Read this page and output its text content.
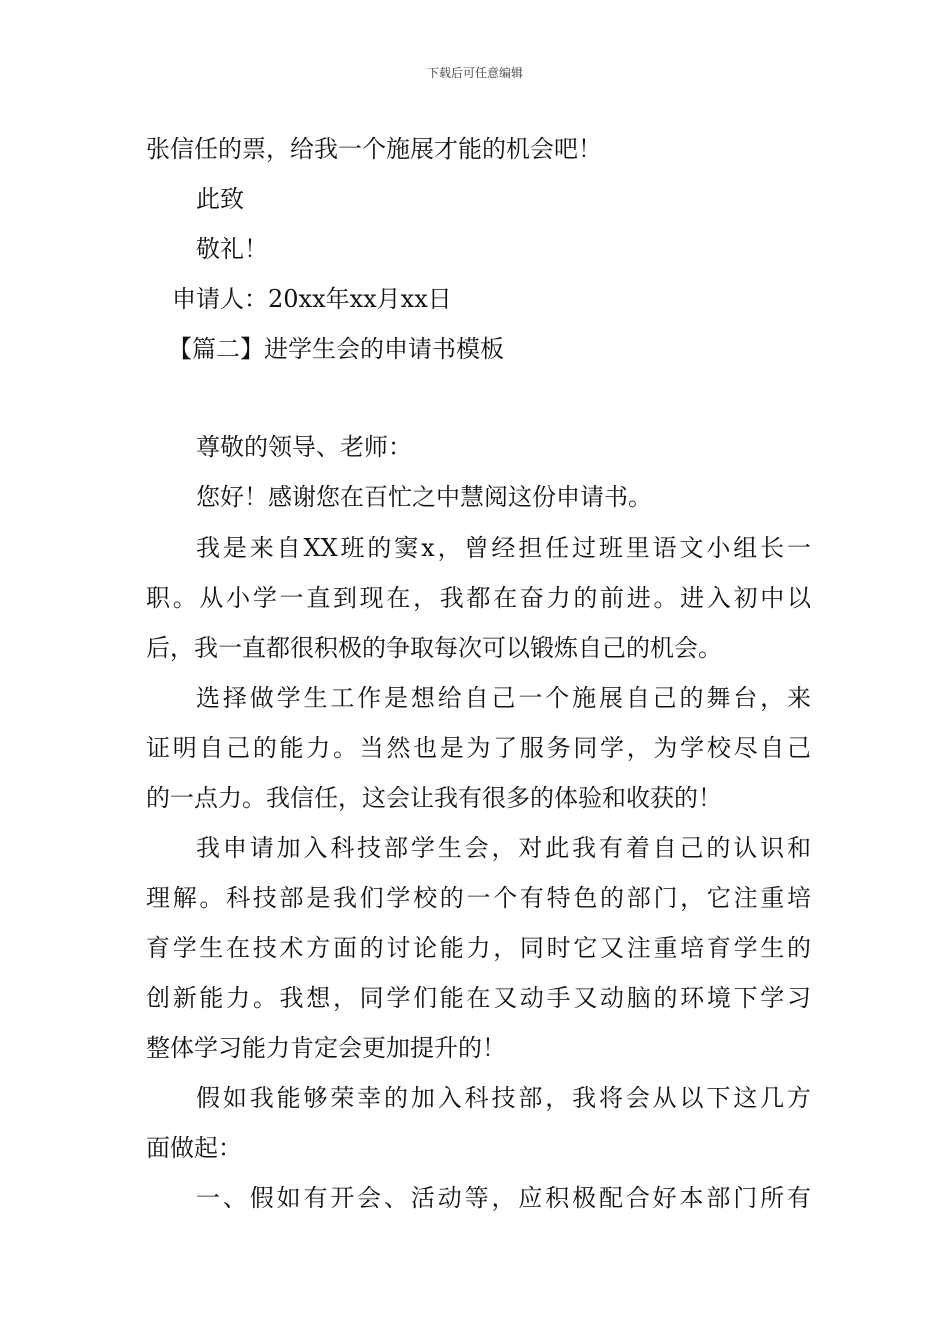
下载后可任意编辑
张信任的票，给我一个施展才能的机会吧！
此致
敬礼！
申请人：20xx年xx月xx日
【篇二】进学生会的申请书模板
尊敬的领导、老师：
您好！感谢您在百忙之中慧阅这份申请书。
我是来自XX班的窦x，曾经担任过班里语文小组长一
职。从小学一直到现在，我都在奋力的前进。进入初中以
后，我一直都很积极的争取每次可以锻炼自己的机会。
选择做学生工作是想给自己一个施展自己的舞台，来
证明自己的能力。当然也是为了服务同学，为学校尽自己
的一点力。我信任，这会让我有很多的体验和收获的！
我申请加入科技部学生会，对此我有着自己的认识和
理解。科技部是我们学校的一个有特色的部门，它注重培
育学生在技术方面的讨论能力，同时它又注重培育学生的
创新能力。我想，同学们能在又动手又动脑的环境下学习
整体学习能力肯定会更加提升的！
假如我能够荣幸的加入科技部，我将会从以下这几方
面做起：
一、假如有开会、活动等，应积极配合好本部门所有
